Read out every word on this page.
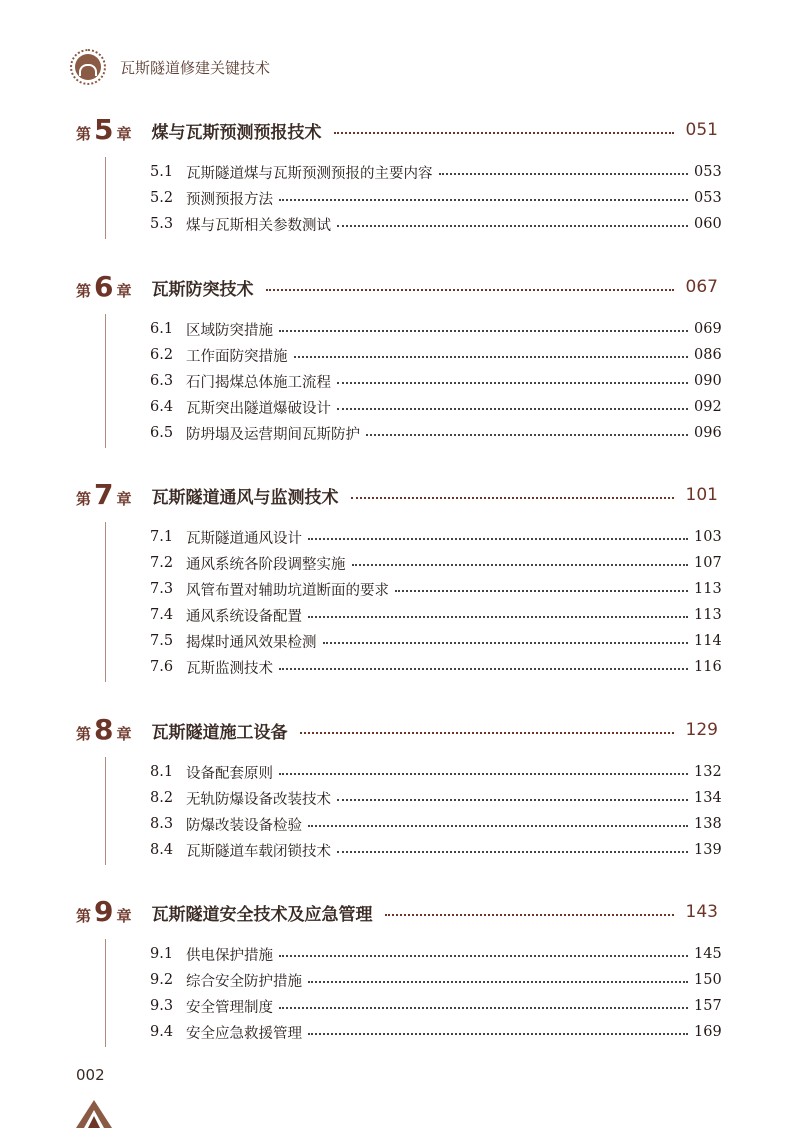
瓦斯隧道修建关键技术
第 5 章 煤与瓦斯预测预报技术	051
5.1 瓦斯隧道煤与瓦斯预测预报的主要内容	053
5.2 预测预报方法	053
5.3 煤与瓦斯相关参数测试	060
第 6 章 瓦斯防突技术	067
6.1 区域防突措施	069
6.2 工作面防突措施	086
6.3 石门揭煤总体施工流程	090
6.4 瓦斯突出隧道爆破设计	092
6.5 防坍塌及运营期间瓦斯防护	096
第 7 章 瓦斯隧道通风与监测技术	101
7.1 瓦斯隧道通风设计	103
7.2 通风系统各阶段调整实施	107
7.3 风管布置对辅助坑道断面的要求	113
7.4 通风系统设备配置	113
7.5 揭煤时通风效果检测	114
7.6 瓦斯监测技术	116
第 8 章 瓦斯隧道施工设备	129
8.1 设备配套原则	132
8.2 无轨防爆设备改装技术	134
8.3 防爆改装设备检验	138
8.4 瓦斯隧道车载闭锁技术	139
第 9 章 瓦斯隧道安全技术及应急管理	143
9.1 供电保护措施	145
9.2 综合安全防护措施	150
9.3 安全管理制度	157
9.4 安全应急救援管理	169
002
